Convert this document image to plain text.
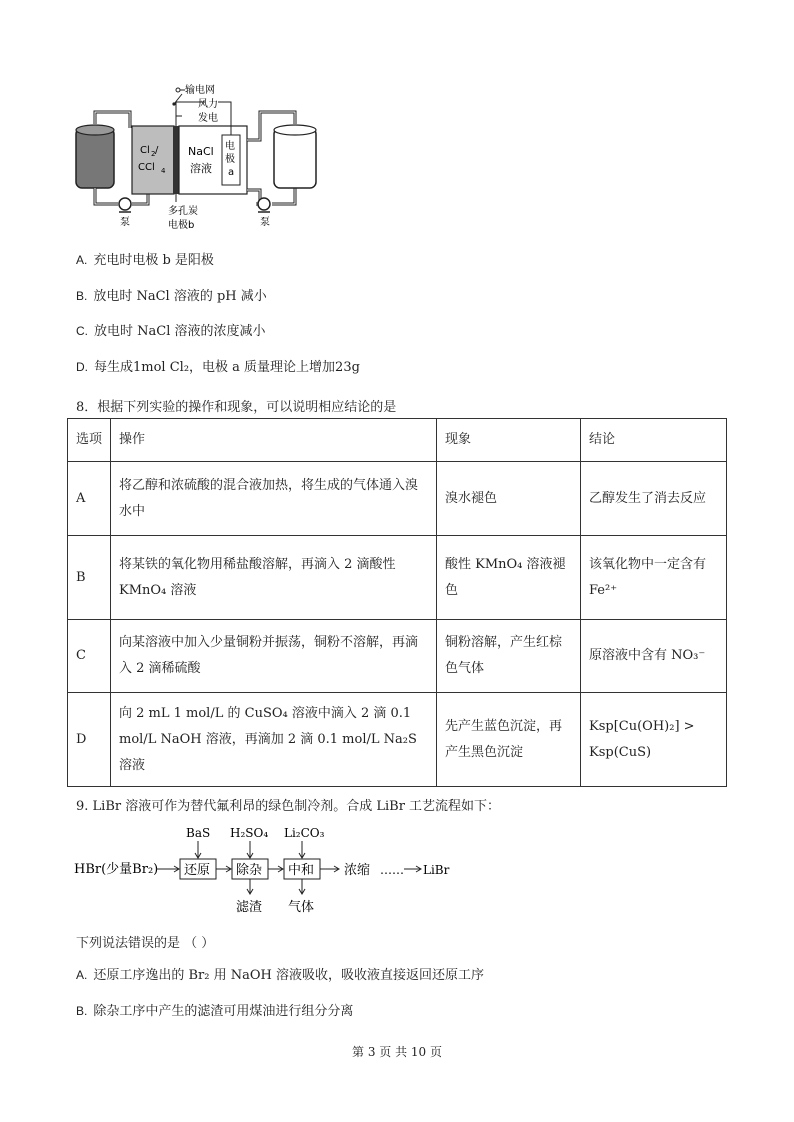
泵
Cl 2 /
CCl 4
NaCl
溶液
电
极
a
输电网
风力
发电
泵
多孔炭
电极b
A. 充电时电极 b 是阳极
B. 放电时 NaCl 溶液的 pH 减小
C. 放电时 NaCl 溶液的浓度减小
D. 每生成1mol Cl₂，电极 a 质量理论上增加23g
8．根据下列实验的操作和现象，可以说明相应结论的是
选项	操作	现象	结论
A	将乙醇和浓硫酸的混合液加热，将生成的气体通入溴水中	溴水褪色	乙醇发生了消去反应
B	将某铁的氧化物用稀盐酸溶解，再滴入 2 滴酸性 KMnO₄ 溶液	酸性 KMnO₄ 溶液褪色	该氧化物中一定含有 Fe²⁺
C	向某溶液中加入少量铜粉并振荡，铜粉不溶解，再滴入 2 滴稀硫酸	铜粉溶解，产生红棕色气体	原溶液中含有 NO₃⁻
D	向 2 mL 1 mol/L 的 CuSO₄ 溶液中滴入 2 滴 0.1 mol/L NaOH 溶液，再滴加 2 滴 0.1 mol/L Na₂S 溶液	先产生蓝色沉淀，再产生黑色沉淀	Ksp[Cu(OH)₂] > Ksp(CuS)
9. LiBr 溶液可作为替代氟利昂的绿色制冷剂。合成 LiBr 工艺流程如下：
BaS H₂SO₄ Li₂CO₃
HBr(少量Br₂) 还原 除杂 中和 浓缩 …… LiBr
滤渣 气体
下列说法错误的是 （ ）
A. 还原工序逸出的 Br₂ 用 NaOH 溶液吸收，吸收液直接返回还原工序
B. 除杂工序中产生的滤渣可用煤油进行组分分离
第 3 页 共 10 页
